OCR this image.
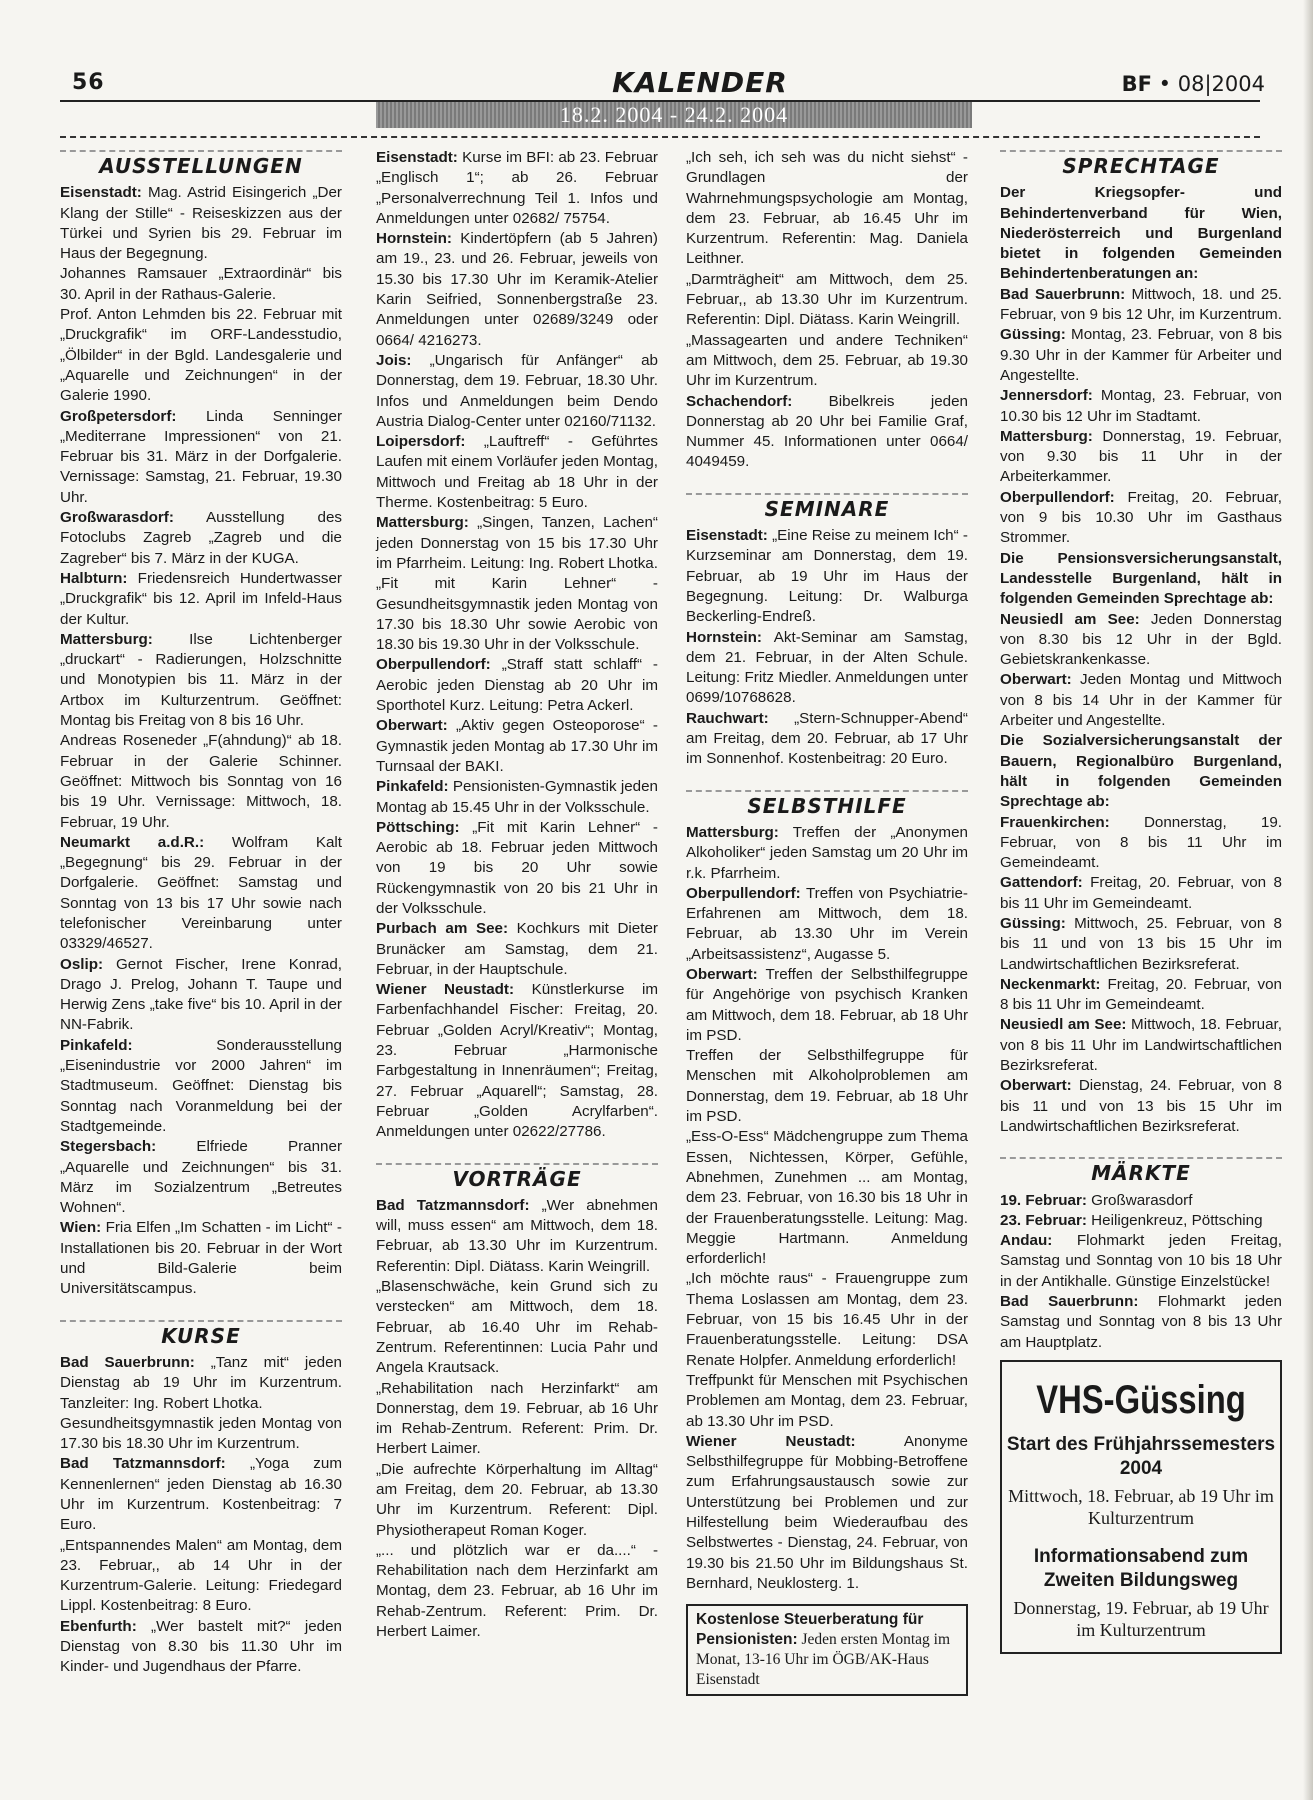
56	KALENDER	BF • 08|2004
18.2. 2004 - 24.2. 2004
AUSSTELLUNGEN

Eisenstadt: Mag. Astrid Eisingerich „Der Klang der Stille“ - Reiseskizzen aus der Türkei und Syrien bis 29. Februar im Haus der Begegnung.

Johannes Ramsauer „Extraordinär“ bis 30. April in der Rathaus-Galerie.

Prof. Anton Lehmden bis 22. Februar mit „Druckgrafik“ im ORF-Landesstudio, „Ölbilder“ in der Bgld. Landesgalerie und „Aquarelle und Zeichnungen“ in der Galerie 1990.

Großpetersdorf: Linda Senninger „Mediterrane Impressionen“ von 21. Februar bis 31. März in der Dorfgalerie. Vernissage: Samstag, 21. Februar, 19.30 Uhr.

Großwarasdorf: Ausstellung des Fotoclubs Zagreb „Zagreb und die Zagreber“ bis 7. März in der KUGA.

Halbturn: Friedensreich Hundertwasser „Druckgrafik“ bis 12. April im Infeld-Haus der Kultur.

Mattersburg: Ilse Lichtenberger „druckart“ - Radierungen, Holzschnitte und Monotypien bis 11. März in der Artbox im Kulturzentrum. Geöffnet: Montag bis Freitag von 8 bis 16 Uhr.

Andreas Roseneder „F(ahndung)“ ab 18. Februar in der Galerie Schinner. Geöffnet: Mittwoch bis Sonntag von 16 bis 19 Uhr. Vernissage: Mittwoch, 18. Februar, 19 Uhr.

Neumarkt a.d.R.: Wolfram Kalt „Begegnung“ bis 29. Februar in der Dorfgalerie. Geöffnet: Samstag und Sonntag von 13 bis 17 Uhr sowie nach telefonischer Vereinbarung unter 03329/46527.

Oslip: Gernot Fischer, Irene Konrad, Drago J. Prelog, Johann T. Taupe und Herwig Zens „take five“ bis 10. April in der NN-Fabrik.

Pinkafeld:	Sonderausstellung „Eisenindustrie vor 2000 Jahren“ im Stadtmuseum. Geöffnet: Dienstag bis Sonntag nach Voranmeldung bei der Stadtgemeinde.

Stegersbach:	Elfriede Pranner „Aquarelle und Zeichnungen“ bis 31. März im Sozialzentrum „Betreutes Wohnen“.

Wien: Fria Elfen „Im Schatten - im Licht“ - Installationen bis 20. Februar in der Wort und Bild-Galerie beim Universitätscampus.

KURSE

Bad Sauerbrunn: „Tanz mit“ jeden Dienstag ab 19 Uhr im Kurzentrum. Tanzleiter: Ing. Robert Lhotka.

Gesundheitsgymnastik jeden Montag von 17.30 bis 18.30 Uhr im Kurzentrum.

Bad Tatzmannsdorf: „Yoga zum Kennenlernen“ jeden Dienstag ab 16.30 Uhr im Kurzentrum. Kostenbeitrag: 7 Euro.

„Entspannendes Malen“ am Montag, dem 23. Februar,, ab 14 Uhr in der Kurzentrum-Galerie. Leitung: Friedegard Lippl. Kostenbeitrag: 8 Euro.

Ebenfurth: „Wer bastelt mit?“ jeden Dienstag von 8.30 bis 11.30 Uhr im Kinder- und Jugendhaus der Pfarre.

Eisenstadt: Kurse im BFI: ab 23. Februar „Englisch 1“; ab 26. Februar „Personalverrechnung Teil 1. Infos und Anmeldungen unter 02682/ 75754.

Hornstein: Kindertöpfern (ab 5 Jahren) am 19., 23. und 26. Februar, jeweils von 15.30 bis 17.30 Uhr im Keramik-Atelier Karin Seifried, Sonnenbergstraße 23. Anmeldungen unter 02689/3249 oder 0664/ 4216273.

Jois: „Ungarisch für Anfänger“ ab Donnerstag, dem 19. Februar, 18.30 Uhr. Infos und Anmeldungen beim Dendo Austria Dialog-Center unter 02160/71132.

Loipersdorf: „Lauftreff“ - Geführtes Laufen mit einem Vorläufer jeden Montag, Mittwoch und Freitag ab 18 Uhr in der Therme. Kostenbeitrag: 5 Euro.

Mattersburg: „Singen, Tanzen, Lachen“ jeden Donnerstag von 15 bis 17.30 Uhr im Pfarrheim. Leitung: Ing. Robert Lhotka.

„Fit mit Karin Lehner“ - Gesundheitsgymnastik jeden Montag von 17.30 bis 18.30 Uhr sowie Aerobic von 18.30 bis 19.30 Uhr in der Volksschule.

Oberpullendorf: „Straff statt schlaff“ - Aerobic jeden Dienstag ab 20 Uhr im Sporthotel Kurz. Leitung: Petra Ackerl.

Oberwart: „Aktiv gegen Osteoporose“ - Gymnastik jeden Montag ab 17.30 Uhr im Turnsaal der BAKI.

Pinkafeld: Pensionisten-Gymnastik jeden Montag ab 15.45 Uhr in der Volksschule.

Pöttsching: „Fit mit Karin Lehner“ - Aerobic ab 18. Februar jeden Mittwoch von 19 bis 20 Uhr sowie Rückengymnastik von 20 bis 21 Uhr in der Volksschule.

Purbach am See: Kochkurs mit Dieter Brunäcker am Samstag, dem 21. Februar, in der Hauptschule.

Wiener Neustadt: Künstlerkurse im Farbenfachhandel Fischer: Freitag, 20. Februar „Golden Acryl/Kreativ“; Montag, 23. Februar „Harmonische Farbgestaltung in Innenräumen“; Freitag, 27. Februar „Aquarell“; Samstag, 28. Februar „Golden Acrylfarben“. Anmeldungen unter 02622/27786.

VORTRÄGE

Bad Tatzmannsdorf: „Wer abnehmen will, muss essen“ am Mittwoch, dem 18. Februar, ab 13.30 Uhr im Kurzentrum. Referentin: Dipl. Diätass. Karin Weingrill.

„Blasenschwäche, kein Grund sich zu verstecken“ am Mittwoch, dem 18. Februar, ab 16.40 Uhr im Rehab-Zentrum. Referentinnen: Lucia Pahr und Angela Krautsack.

„Rehabilitation nach Herzinfarkt“ am Donnerstag, dem 19. Februar, ab 16 Uhr im Rehab-Zentrum. Referent: Prim. Dr. Herbert Laimer.

„Die aufrechte Körperhaltung im Alltag“ am Freitag, dem 20. Februar, ab 13.30 Uhr im Kurzentrum. Referent: Dipl. Physiotherapeut Roman Koger.

„... und plötzlich war er da....“ - Rehabilitation nach dem Herzinfarkt am Montag, dem 23. Februar, ab 16 Uhr im Rehab-Zentrum. Referent: Prim. Dr. Herbert Laimer.

„Ich seh, ich seh was du nicht siehst“ - Grundlagen der Wahrnehmungspsychologie am Montag, dem 23. Februar, ab 16.45 Uhr im Kurzentrum. Referentin: Mag. Daniela Leithner.

„Darmträgheit“ am Mittwoch, dem 25. Februar,, ab 13.30 Uhr im Kurzentrum. Referentin: Dipl. Diätass. Karin Weingrill.

„Massagearten und andere Techniken“ am Mittwoch, dem 25. Februar, ab 19.30 Uhr im Kurzentrum.

Schachendorf: Bibelkreis jeden Donnerstag ab 20 Uhr bei Familie Graf, Nummer 45. Informationen unter 0664/ 4049459.

SEMINARE

Eisenstadt: „Eine Reise zu meinem Ich“ - Kurzseminar am Donnerstag, dem 19. Februar, ab 19 Uhr im Haus der Begegnung. Leitung: Dr. Walburga Beckerling-Endreß.

Hornstein: Akt-Seminar am Samstag, dem 21. Februar, in der Alten Schule. Leitung: Fritz Miedler. Anmeldungen unter 0699/10768628.

Rauchwart: „Stern-Schnupper-Abend“ am Freitag, dem 20. Februar, ab 17 Uhr im Sonnenhof. Kostenbeitrag: 20 Euro.

SELBSTHILFE

Mattersburg: Treffen der „Anonymen Alkoholiker“ jeden Samstag um 20 Uhr im r.k. Pfarrheim.

Oberpullendorf: Treffen von Psychiatrie-Erfahrenen am Mittwoch, dem 18. Februar, ab 13.30 Uhr im Verein „Arbeitsassistenz“, Augasse 5.

Oberwart: Treffen der Selbsthilfegruppe für Angehörige von psychisch Kranken am Mittwoch, dem 18. Februar, ab 18 Uhr im PSD.

Treffen der Selbsthilfegruppe für Menschen mit Alkoholproblemen am Donnerstag, dem 19. Februar, ab 18 Uhr im PSD.

„Ess-O-Ess“ Mädchengruppe zum Thema Essen, Nichtessen, Körper, Gefühle, Abnehmen, Zunehmen ... am Montag, dem 23. Februar, von 16.30 bis 18 Uhr in der Frauenberatungsstelle. Leitung: Mag. Meggie Hartmann. Anmeldung erforderlich!

„Ich möchte raus“ - Frauengruppe zum Thema Loslassen am Montag, dem 23. Februar, von 15 bis 16.45 Uhr in der Frauenberatungsstelle. Leitung: DSA Renate Holpfer. Anmeldung erforderlich!

Treffpunkt für Menschen mit Psychischen Problemen am Montag, dem 23. Februar, ab 13.30 Uhr im PSD.

Wiener Neustadt:	Anonyme Selbsthilfegruppe für Mobbing-Betroffene zum Erfahrungsaustausch sowie zur Unterstützung bei Problemen und zur Hilfestellung beim Wiederaufbau des Selbstwertes - Dienstag, 24. Februar, von 19.30 bis 21.50 Uhr im Bildungshaus St. Bernhard, Neuklosterg. 1.

Kostenlose Steuerberatung für Pensionisten: Jeden ersten Montag im Monat, 13-16 Uhr im ÖGB/AK-Haus Eisenstadt
SPRECHTAGE

Der Kriegsopfer- und Behindertenverband für Wien, Niederösterreich und Burgenland bietet in folgenden Gemeinden Behindertenberatungen an:

Bad Sauerbrunn: Mittwoch, 18. und 25. Februar, von 9 bis 12 Uhr, im Kurzentrum.

Güssing: Montag, 23. Februar, von 8 bis 9.30 Uhr in der Kammer für Arbeiter und Angestellte.

Jennersdorf: Montag, 23. Februar, von 10.30 bis 12 Uhr im Stadtamt.

Mattersburg: Donnerstag, 19. Februar, von 9.30 bis 11 Uhr in der Arbeiterkammer.

Oberpullendorf: Freitag, 20. Februar, von 9 bis 10.30 Uhr im Gasthaus Strommer.

Die Pensionsversicherungsanstalt, Landesstelle Burgenland, hält in folgenden Gemeinden Sprechtage ab:

Neusiedl am See: Jeden Donnerstag von 8.30 bis 12 Uhr in der Bgld. Gebietskrankenkasse.

Oberwart: Jeden Montag und Mittwoch von 8 bis 14 Uhr in der Kammer für Arbeiter und Angestellte.

Die Sozialversicherungsanstalt der Bauern, Regionalbüro Burgenland, hält in folgenden Gemeinden Sprechtage ab:

Frauenkirchen: Donnerstag, 19. Februar, von 8 bis 11 Uhr im Gemeindeamt.

Gattendorf: Freitag, 20. Februar, von 8 bis 11 Uhr im Gemeindeamt.

Güssing: Mittwoch, 25. Februar, von 8 bis 11 und von 13 bis 15 Uhr im Landwirtschaftlichen Bezirksreferat.

Neckenmarkt: Freitag, 20. Februar, von 8 bis 11 Uhr im Gemeindeamt.

Neusiedl am See: Mittwoch, 18. Februar, von 8 bis 11 Uhr im Landwirtschaftlichen Bezirksreferat.

Oberwart: Dienstag, 24. Februar, von 8 bis 11 und von 13 bis 15 Uhr im Landwirtschaftlichen Bezirksreferat.

MÄRKTE

19. Februar: Großwarasdorf

23. Februar: Heiligenkreuz, Pöttsching

Andau: Flohmarkt jeden Freitag, Samstag und Sonntag von 10 bis 18 Uhr in der Antikhalle. Günstige Einzelstücke!

Bad Sauerbrunn: Flohmarkt jeden Samstag und Sonntag von 8 bis 13 Uhr am Hauptplatz.

VHS-Güssing
Start des Frühjahrssemesters 2004
Mittwoch, 18. Februar, ab 19 Uhr im Kulturzentrum
Informationsabend zum Zweiten Bildungsweg
Donnerstag, 19. Februar, ab 19 Uhr im Kulturzentrum
